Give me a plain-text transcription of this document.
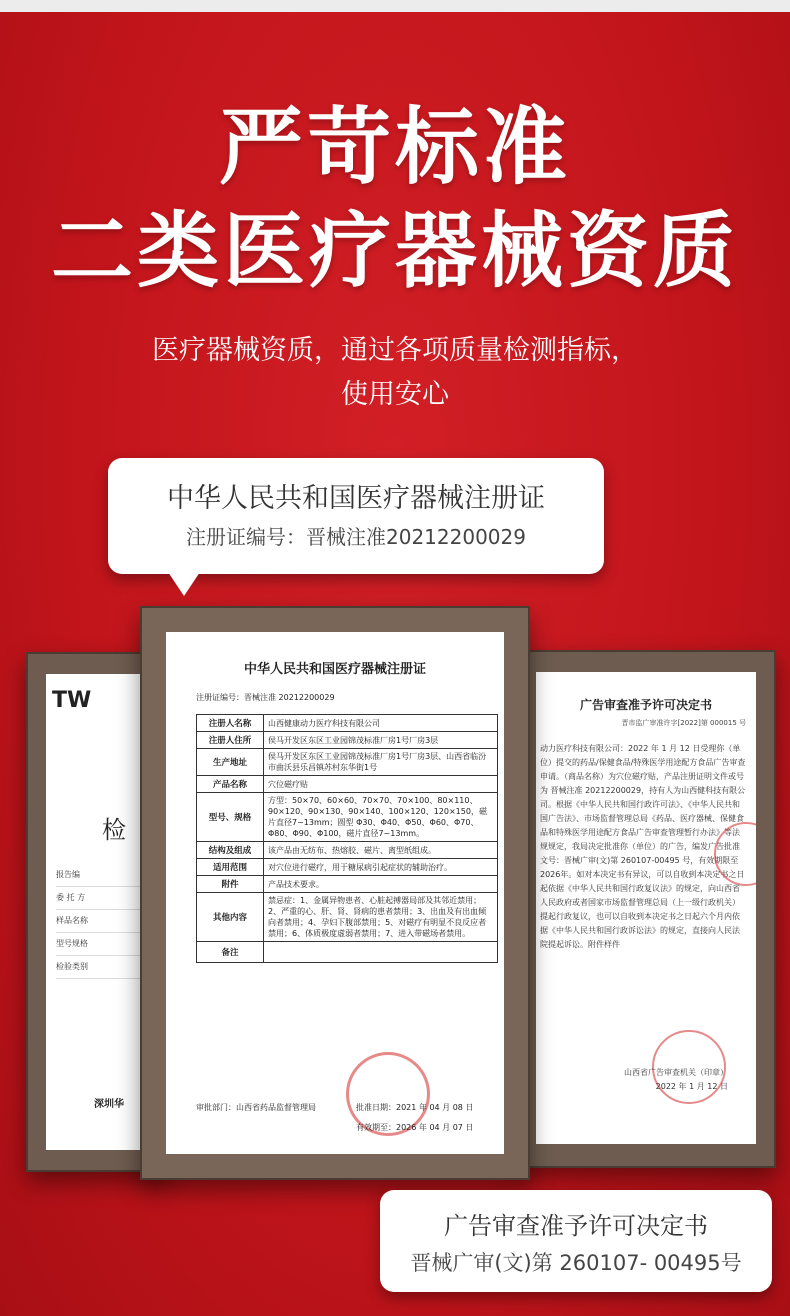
严苛标准
二类医疗器械资质
医疗器械资质，通过各项质量检测指标，
使用安心
TW
检
报告编
委 托 方
样品名称
型号规格
检验类别
深圳华
广告审查准予许可决定书
晋市监广审准许字[2022]第 000015 号
动力医疗科技有限公司：2022 年 1 月 12 日受理你（单位）提交的药品/保健食品/特殊医学用途配方食品广告审查申请。（商品名称）为穴位磁疗贴，产品注册证明文件或号为 晋械注准 20212200029，持有人为山西健科技有限公司。根据《中华人民共和国行政许可法》、《中华人民共和国广告法》、市场监督管理总局《药品、医疗器械、保健食品和特殊医学用途配方食品广告审查管理暂行办法》等法规规定，我局决定批准你（单位）的广告，编发广告批准文号：晋械广审(文)第 260107-00495 号，有效期限至 2026年。如对本决定书有异议，可以自收到本决定书之日起依据《中华人民共和国行政复议法》的规定，向山西省人民政府或者国家市场监督管理总局（上一级行政机关）提起行政复议，也可以自收到本决定书之日起六个月内依据《中华人民共和国行政诉讼法》的规定，直接向人民法院提起诉讼。附件样件
山西省广告审查机关（印章）
2022 年 1 月 12 日
中华人民共和国医疗器械注册证
注册证编号：晋械注准 20212200029
注册人名称	山西健康动力医疗科技有限公司
注册人住所	侯马开发区东区工业园锦茂标准厂房1号厂房3层
生产地址	侯马开发区东区工业园锦茂标准厂房1号厂房3层、山西省临汾市曲沃县乐昌镇苏村东华街1号
产品名称	穴位磁疗贴
型号、规格	方型：50×70、60×60、70×70、70×100、80×110、90×120、90×130、90×140、100×120、120×150，磁片直径7~13mm；圆型 Φ30、Φ40、Φ50、Φ60、Φ70、Φ80、Φ90、Φ100，磁片直径7~13mm。
结构及组成	该产品由无纺布、热熔胶、磁片、离型纸组成。
适用范围	对穴位进行磁疗，用于糖尿病引起症状的辅助治疗。
附件	产品技术要求。
其他内容	禁忌症：1、金属异物患者、心脏起搏器局部及其邻近禁用；2、严重的心、肝、肾、肾病的患者禁用；3、出血及有出血倾向者禁用；4、孕妇下腹部禁用；5、对磁疗有明显不良反应者禁用；6、体质极度虚弱者禁用；7、进入带磁场者禁用。
备注	
审批部门：山西省药品监督管理局	批准日期：2021 年 04 月 08 日
有效期至：2026 年 04 月 07 日
中华人民共和国医疗器械注册证
注册证编号：晋械注准20212200029
广告审查准予许可决定书
晋械广审(文)第 260107- 00495号
